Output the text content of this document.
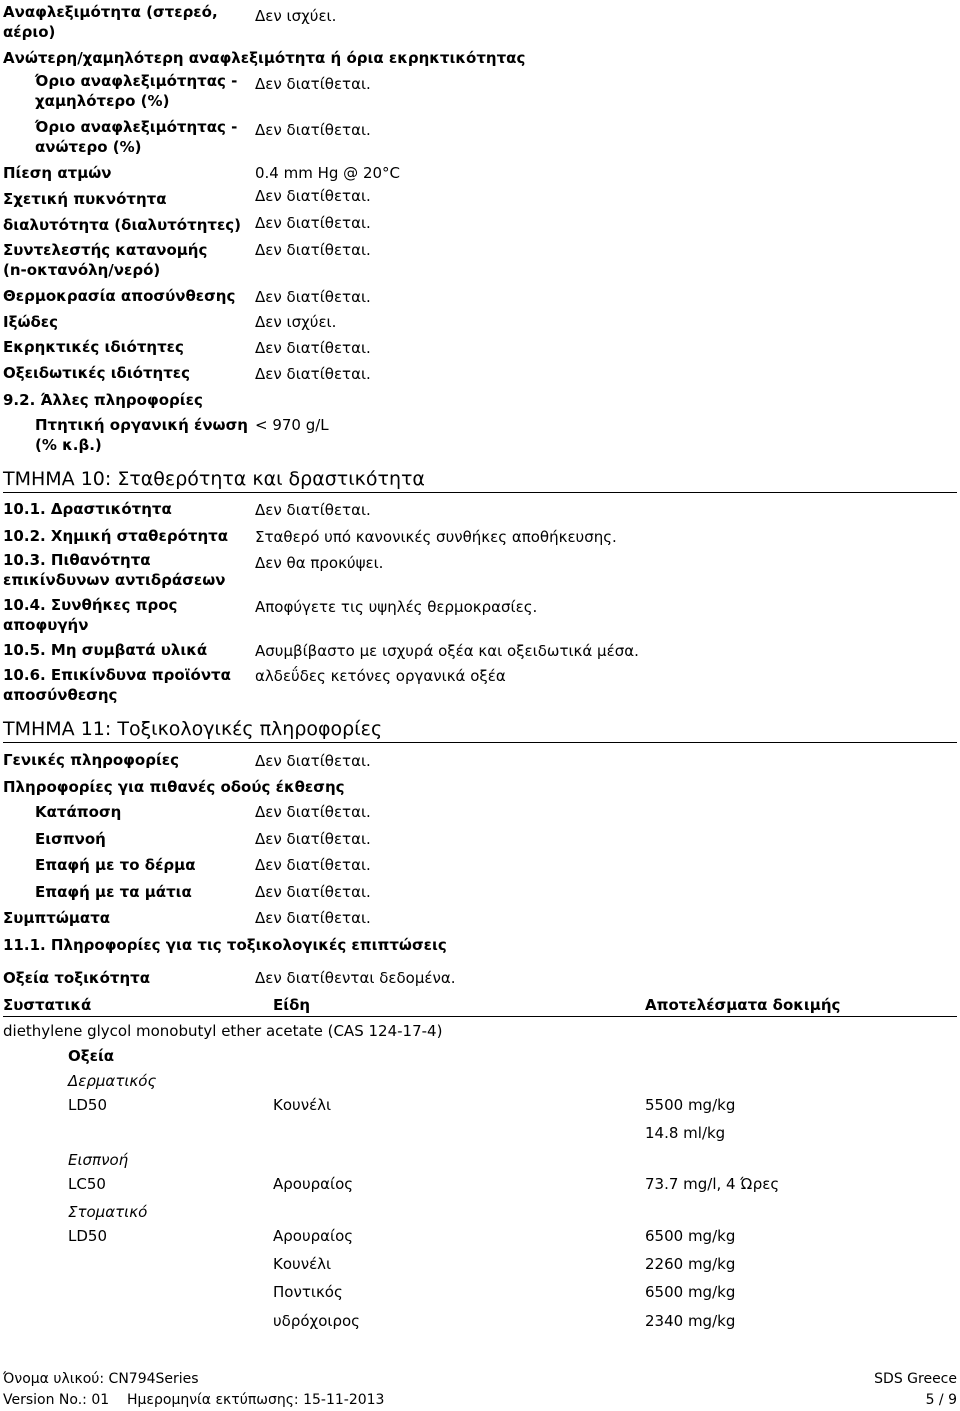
Αναφλεξιμότητα (στερεό,
αέριο)
Δεν ισχύει.
Ανώτερη/χαμηλότερη αναφλεξιμότητα ή όρια εκρηκτικότητας
Όριο αναφλεξιμότητας -
χαμηλότερο (%)
Δεν διατίθεται.
Όριο αναφλεξιμότητας -
ανώτερο (%)
Δεν διατίθεται.
Πίεση ατμών	0.4 mm Hg @ 20°C
Σχετική πυκνότητα	Δεν διατίθεται.
διαλυτότητα (διαλυτότητες) Δεν διατίθεται.
Συντελεστής κατανομής
(n-οκτανόλη/νερό)
Δεν διατίθεται.
Θερμοκρασία αποσύνθεσης Δεν διατίθεται.
Ιξώδες	Δεν ισχύει.
Εκρηκτικές ιδιότητες	Δεν διατίθεται.
Οξειδωτικές ιδιότητες	Δεν διατίθεται.
9.2. Άλλες πληροφορίες
Πτητική οργανική ένωση
(% κ.β.)
< 970 g/L
ΤΜΗΜΑ 10: Σταθερότητα και δραστικότητα
10.1. Δραστικότητα	Δεν διατίθεται.
10.2. Χημική σταθερότητα Σταθερό υπό κανονικές συνθήκες αποθήκευσης.
10.3. Πιθανότητα
επικίνδυνων αντιδράσεων
Δεν θα προκύψει.
10.4. Συνθήκες προς
αποφυγήν
Αποφύγετε τις υψηλές θερμοκρασίες.
10.5. Μη συμβατά υλικά	Ασυμβίβαστο με ισχυρά οξέα και οξειδωτικά μέσα.
10.6. Επικίνδυνα προϊόντα
αποσύνθεσης
αλδεΰδες κετόνες οργανικά οξέα
ΤΜΗΜΑ 11: Τοξικολογικές πληροφορίες
Γενικές πληροφορίες	Δεν διατίθεται.
Πληροφορίες για πιθανές οδούς έκθεσης
Κατάποση	Δεν διατίθεται.
Εισπνοή	Δεν διατίθεται.
Επαφή με το δέρμα	Δεν διατίθεται.
Επαφή με τα μάτια	Δεν διατίθεται.
Συμπτώματα	Δεν διατίθεται.
11.1. Πληροφορίες για τις τοξικολογικές επιπτώσεις
Οξεία τοξικότητα	Δεν διατίθενται δεδομένα.
Συστατικά	Είδη	Αποτελέσματα δοκιμής
diethylene glycol monobutyl ether acetate (CAS 124-17-4)
Οξεία
Δερματικός
LD50	Κουνέλι	5500 mg/kg
14.8 ml/kg
Εισπνοή
LC50	Αρουραίος	73.7 mg/l, 4 Ώρες
Στοματικό
LD50	Αρουραίος	6500 mg/kg
Κουνέλι	2260 mg/kg
Ποντικός	6500 mg/kg
υδρόχοιρος	2340 mg/kg
Όνομα υλικού: CN794Series	SDS Greece
Version No.: 01 Ημερομηνία εκτύπωσης: 15-11-2013	5 / 9
